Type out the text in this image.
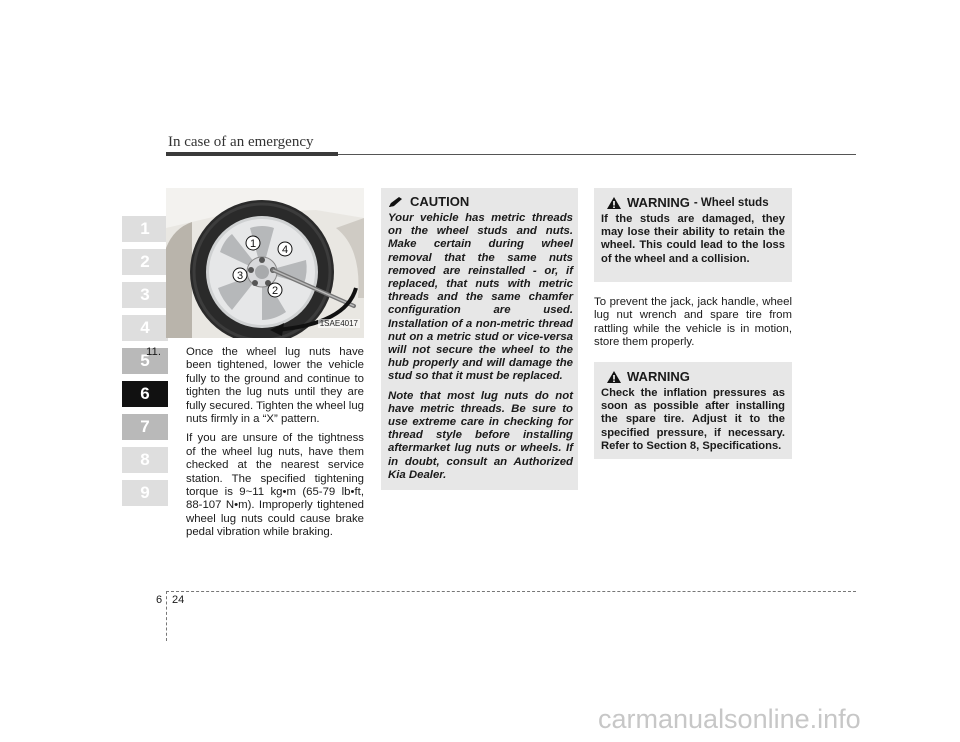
In case of an emergency
1
2
3
4
5
6
7
8
9
1
2
3
4
1SAE4017

11. Once the wheel lug nuts have been tightened, lower the vehicle fully to the ground and continue to tighten the lug nuts until they are fully secured. Tighten the wheel lug nuts firmly in a “X” pattern.

If you are unsure of the tightness of the wheel lug nuts, have them checked at the nearest service station. The specified tightening torque is 9~11 kg•m (65-79 lb•ft, 88-107 N•m). Improperly tightened wheel lug nuts could cause brake pedal vibration while braking.

CAUTION

Your vehicle has metric threads on the wheel studs and nuts. Make certain during wheel removal that the same nuts removed are reinstalled - or, if replaced, that nuts with metric threads and the same chamfer configuration are used. Installation of a non-metric thread nut on a metric stud or vice-versa will not secure the wheel to the hub properly and will damage the stud so that it must be replaced.

Note that most lug nuts do not have metric threads. Be sure to use extreme care in checking for thread style before installing aftermarket lug nuts or wheels. If in doubt, consult an Authorized Kia Dealer.

WARNING - Wheel studs

If the studs are damaged, they may lose their ability to retain the wheel. This could lead to the loss of the wheel and a collision.

To prevent the jack, jack handle, wheel lug nut wrench and spare tire from rattling while the vehicle is in motion, store them properly.

WARNING

Check the inflation pressures as soon as possible after installing the spare tire. Adjust it to the specified pressure, if necessary. Refer to Section 8, Specifications.

6 24
carmanualsonline.info
